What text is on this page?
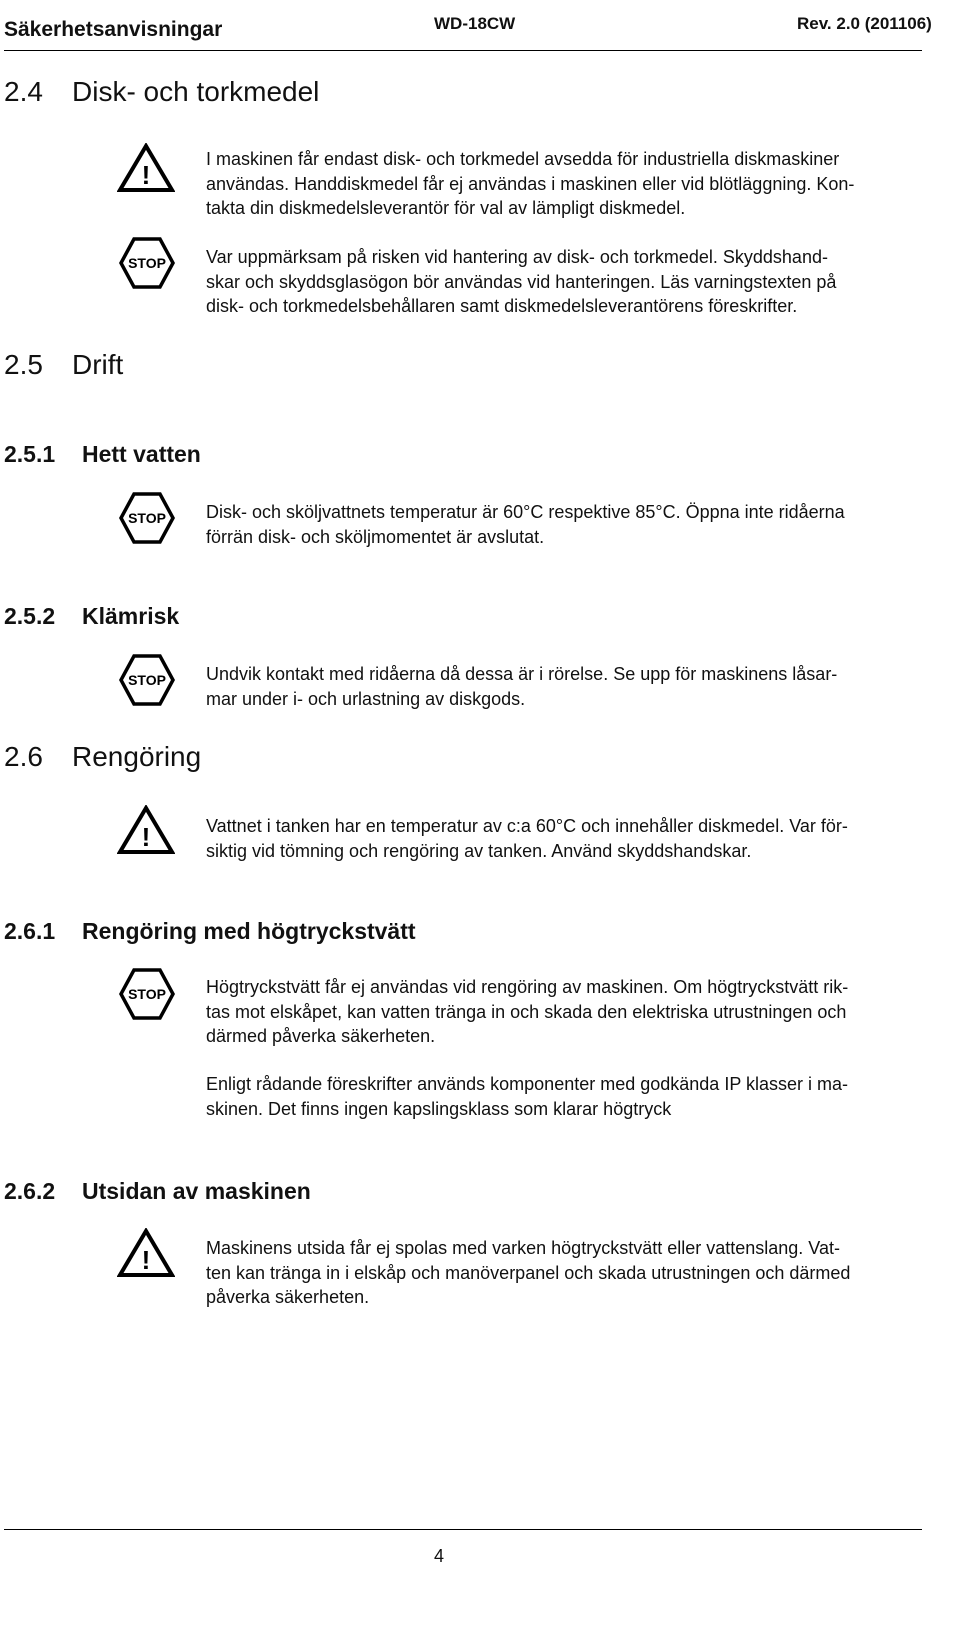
Säkerhetsanvisningar	WD-18CW	Rev. 2.0 (201106)
2.4 Disk- och torkmedel
!
I maskinen får endast disk- och torkmedel avsedda för industriella diskmaskiner
användas. Handdiskmedel får ej användas i maskinen eller vid blötläggning. Kon-
takta din diskmedelsleverantör för val av lämpligt diskmedel.
STOP Var uppmärksam på risken vid hantering av disk- och torkmedel. Skyddshand-
skar och skyddsglasögon bör användas vid hanteringen. Läs varningstexten på
disk- och torkmedelsbehållaren samt diskmedelsleverantörens föreskrifter.
2.5 Drift
2.5.1 Hett vatten
STOP Disk- och sköljvattnets temperatur är 60°C respektive 85°C. Öppna inte ridåerna
förrän disk- och sköljmomentet är avslutat.
2.5.2 Klämrisk
STOP Undvik kontakt med ridåerna då dessa är i rörelse. Se upp för maskinens låsar-
mar under i- och urlastning av diskgods.
2.6 Rengöring
!	Vattnet i tanken har en temperatur av c:a 60°C och innehåller diskmedel. Var för-
siktig vid tömning och rengöring av tanken. Använd skyddshandskar.
2.6.1 Rengöring med högtryckstvätt
STOP Högtryckstvätt får ej användas vid rengöring av maskinen. Om högtryckstvätt rik-
tas mot elskåpet, kan vatten tränga in och skada den elektriska utrustningen och
därmed påverka säkerheten.
Enligt rådande föreskrifter används komponenter med godkända IP klasser i ma-
skinen. Det finns ingen kapslingsklass som klarar högtryck
2.6.2 Utsidan av maskinen
!	Maskinens utsida får ej spolas med varken högtryckstvätt eller vattenslang. Vat-
ten kan tränga in i elskåp och manöverpanel och skada utrustningen och därmed
påverka säkerheten.
4
